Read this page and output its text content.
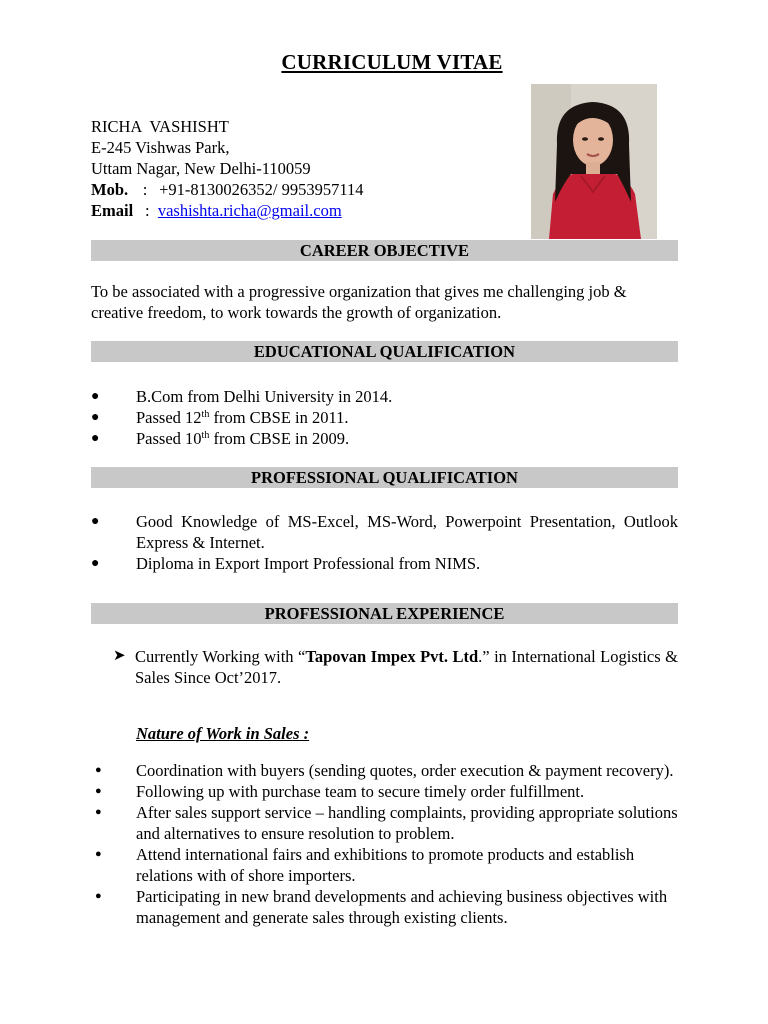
CURRICULUM VITAE
RICHA  VASHISHT
E-245 Vishwas Park,
Uttam Nagar, New Delhi-110059
Mob. : +91-8130026352/ 9953957114
Email : vashishta.richa@gmail.com
CAREER OBJECTIVE
To be associated with a progressive organization that gives me challenging job & creative freedom, to work towards the growth of organization.
EDUCATIONAL QUALIFICATION
● B.Com from Delhi University in 2014.
● Passed 12th from CBSE in 2011.
● Passed 10th from CBSE in 2009.
PROFESSIONAL QUALIFICATION
● Good Knowledge of MS-Excel, MS-Word, Powerpoint Presentation, Outlook Express & Internet.
● Diploma in Export Import Professional from NIMS.
PROFESSIONAL EXPERIENCE
➤ Currently Working with “Tapovan Impex Pvt. Ltd.” in International Logistics & Sales Since Oct’2017.
Nature of Work in Sales :
●	Coordination with buyers (sending quotes, order execution & payment recovery).
●	Following up with purchase team to secure timely order fulfillment.
●	After sales support service – handling complaints, providing appropriate solutions and alternatives to ensure resolution to problem.
●	Attend international fairs and exhibitions to promote products and establish relations with of shore importers.
●	Participating in new brand developments and achieving business objectives with management and generate sales through existing clients.
